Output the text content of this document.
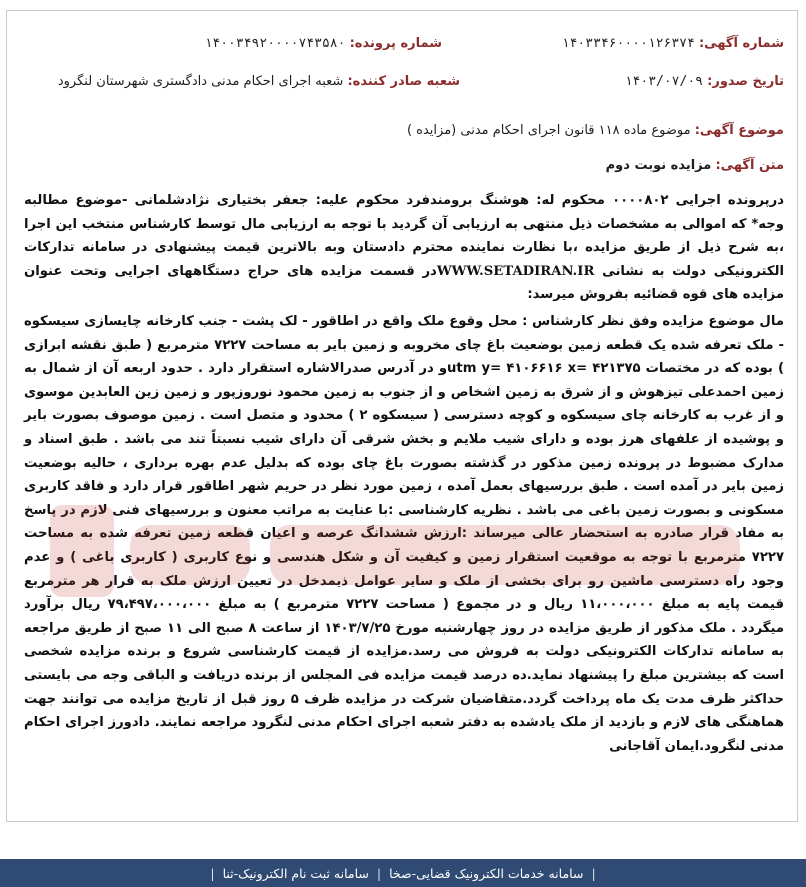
شماره آگهی: ۱۴۰۳۳۴۶۰۰۰۰۱۲۶۳۷۴
شماره پرونده: ۱۴۰۰۳۴۹۲۰۰۰۰۷۴۳۵۸۰
تاریخ صدور: ۱۴۰۳/۰۷/۰۹
شعبه صادر کننده: شعبه اجرای احکام مدنی دادگستری شهرستان لنگرود
موضوع آگهی: موضوع ماده ۱۱۸ قانون اجرای احکام مدنی (مزایده )
متن آگهی: مزایده نوبت دوم

درپرونده اجرایی ۰۰۰۰۸۰۲ محکوم له: هوشنگ برومندفرد محکوم علیه: جعفر بختیاری نژادشلمانی -موضوع مطالبه وجه* که اموالی به مشخصات ذیل منتهی به ارزیابی آن گردید با توجه به ارزیابی مال توسط کارشناس منتخب این اجرا ،به شرح ذیل از طریق مزایده ،با نظارت نماینده محترم دادستان وبه بالاترین قیمت پیشنهادی در سامانه تدارکات الکترونیکی دولت به نشانی WWW.SETADIRAN.IRدر قسمت مزایده های حراج دستگاههای اجرایی وتحت عنوان مزایده های قوه قضائیه بفروش میرسد:

مال موضوع مزایده وفق نظر کارشناس : محل وقوع ملک واقع در اطاقور - لک پشت - جنب کارخانه چایسازی سیسکوه - ملک تعرفه شده یک قطعه زمین بوضعیت باغ چای مخروبه و زمین بایر به مساحت ۷۲۲۷ مترمربع ( طبق نقشه ابرازی ) بوده که در مختصات utm y= ۴۱۰۶۶۱۶ x= ۴۲۱۳۷۵و در آدرس صدرالاشاره استقرار دارد . حدود اربعه آن از شمال به زمین احمدعلی تیزهوش و از شرق به زمین اشخاص و از جنوب به زمین محمود نوروزپور و زمین زین العابدین موسوی و از غرب به کارخانه چای سیسکوه و کوچه دسترسی ( سیسکوه ۲ ) محدود و متصل است . زمین موصوف بصورت بایر و پوشیده از علفهای هرز بوده و دارای شیب ملایم و بخش شرقی آن دارای شیب نسبتاً تند می باشد . طبق اسناد و مدارک مضبوط در پرونده زمین مذکور در گذشته بصورت باغ چای بوده که بدلیل عدم بهره برداری ، حالیه بوضعیت زمین بایر در آمده است . طبق بررسیهای بعمل آمده ، زمین مورد نظر در حریم شهر اطاقور قرار دارد و فاقد کاربری مسکونی و بصورت زمین باغی می باشد . نظریه کارشناسی :با عنایت به مراتب معنون و بررسیهای فنی لازم در پاسخ به مفاد قرار صادره به استحضار عالی میرساند :ارزش ششدانگ عرصه و اعیان قطعه زمین تعرفه شده به مساحت ۷۲۲۷ مترمربع با توجه به موقعیت استقرار زمین و کیفیت آن و شکل هندسی و نوع کاربری ( کاربری باغی ) و عدم وجود راه دسترسی ماشین رو برای بخشی از ملک و سایر عوامل ذیمدخل در تعیین ارزش ملک به قرار هر مترمربع قیمت پایه به مبلغ ۱۱،۰۰۰،۰۰۰ ریال و در مجموع ( مساحت ۷۲۲۷ مترمربع ) به مبلغ ۷۹،۴۹۷،۰۰۰،۰۰۰ ریال برآورد میگردد . ملک مذکور از طریق مزایده در روز چهارشنبه مورخ ۱۴۰۳/۷/۲۵ از ساعت ۸ صبح الی ۱۱ صبح از طریق مراجعه به سامانه تدارکات الکترونیکی دولت به فروش می رسد.مزایده از قیمت کارشناسی شروع و برنده مزایده شخصی است که بیشترین مبلغ را پیشنهاد نماید.ده درصد قیمت مزایده فی المجلس از برنده دریافت و الباقی وجه می بایستی حداکثر ظرف مدت یک ماه پرداخت گردد.متقاضیان شرکت در مزایده ظرف ۵ روز قبل از تاریخ مزایده می توانند جهت هماهنگی های لازم و بازدید از ملک یادشده به دفتر شعبه اجرای احکام مدنی لنگرود مراجعه نمایند. دادورز اجرای احکام مدنی لنگرود.ایمان آقاجانی

|
سامانه خدمات الکترونیک قضایی-صخا
|
سامانه ثبت نام الکترونیک-ثنا
|
